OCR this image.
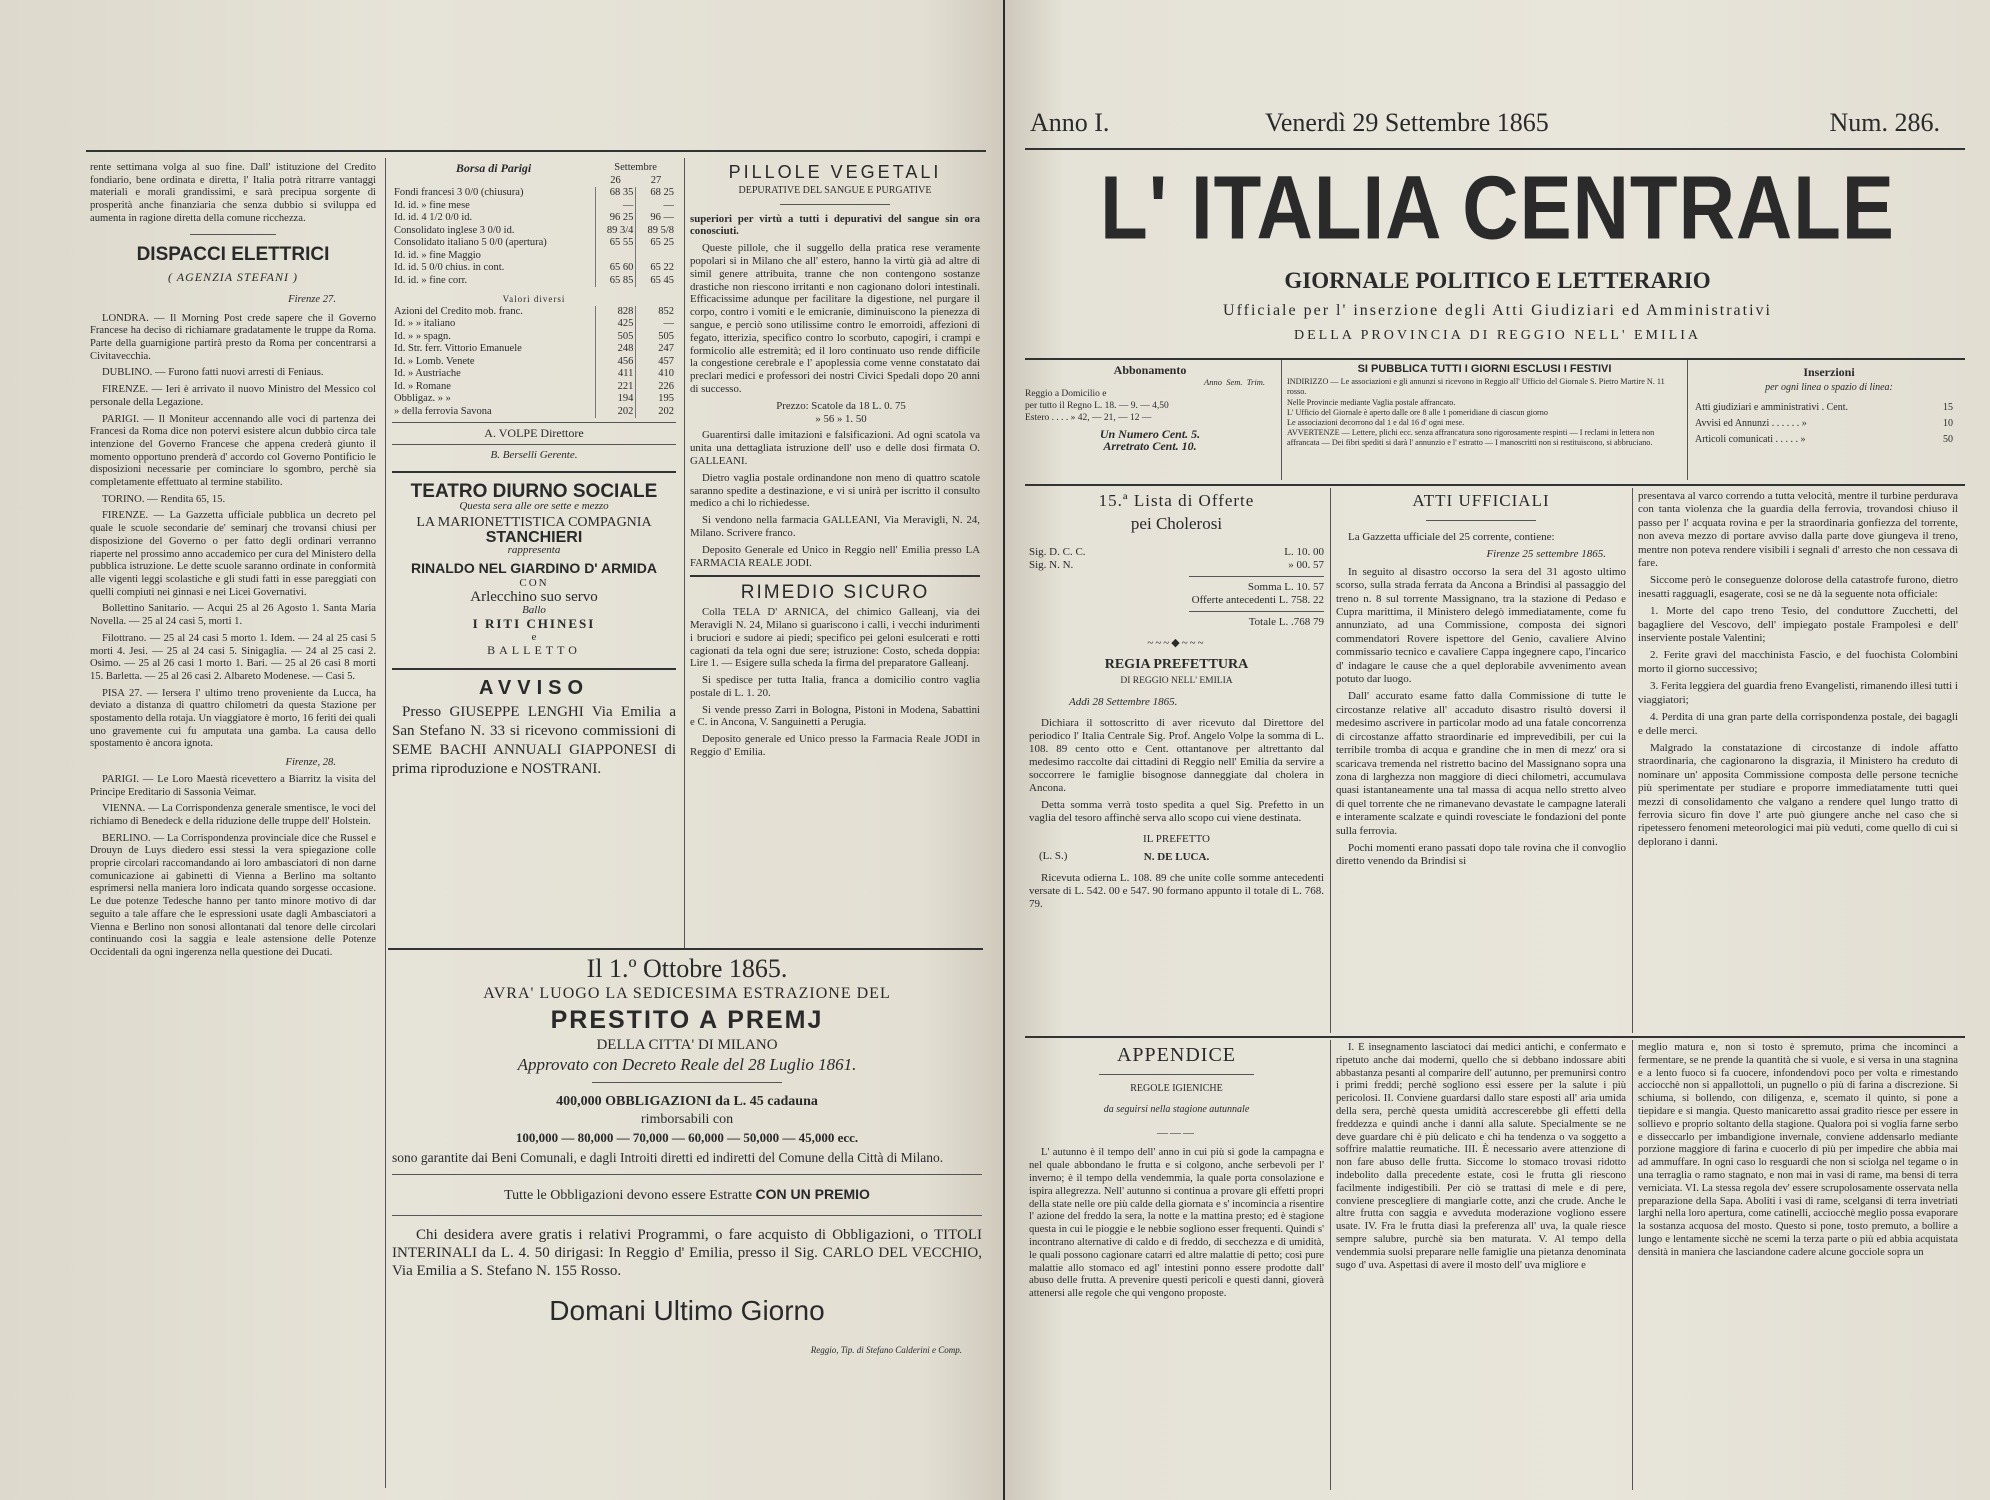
rente settimana volga al suo fine. Dall' istituzione del Credito fondiario, bene ordinata e diretta, l' Italia potrà ritrarre vantaggi materiali e morali grandissimi, e sarà precipua sorgente di prosperità anche finanziaria che senza dubbio si sviluppa ed aumenta in ragione diretta della comune ricchezza.

DISPACCI ELETTRICI
( AGENZIA STEFANI )
Firenze 27.

LONDRA. — Il Morning Post crede sapere che il Governo Francese ha deciso di richiamare gradatamente le truppe da Roma. Parte della guarnigione partirà presto da Roma per concentrarsi a Civitavecchia.

DUBLINO. — Furono fatti nuovi arresti di Feniaus.

FIRENZE. — Ieri è arrivato il nuovo Ministro del Messico col personale della Legazione.

PARIGI. — Il Moniteur accennando alle voci di partenza dei Francesi da Roma dice non potervi esistere alcun dubbio circa tale intenzione del Governo Francese che appena crederà giunto il momento opportuno prenderà d' accordo col Governo Pontificio le disposizioni necessarie per cominciare lo sgombro, perchè sia completamente effettuato al termine stabilito.

TORINO. — Rendita 65, 15.

FIRENZE. — La Gazzetta ufficiale pubblica un decreto pel quale le scuole secondarie de' seminarj che trovansi chiusi per disposizione del Governo o per fatto degli ordinari verranno riaperte nel prossimo anno accademico per cura del Ministero della pubblica istruzione. Le dette scuole saranno ordinate in conformità alle vigenti leggi scolastiche e gli studi fatti in esse pareggiati con quelli compiuti nei ginnasi e nei Licei Governativi.

Bollettino Sanitario. — Acqui 25 al 26 Agosto 1. Santa Maria Novella. — 25 al 24 casi 5, morti 1.

Filottrano. — 25 al 24 casi 5 morto 1. Idem. — 24 al 25 casi 5 morti 4. Jesi. — 25 al 24 casi 5. Sinigaglia. — 24 al 25 casi 2. Osimo. — 25 al 26 casi 1 morto 1. Bari. — 25 al 26 casi 8 morti 15. Barletta. — 25 al 26 casi 2. Albareto Modenese. — Casi 5.

PISA 27. — Iersera l' ultimo treno proveniente da Lucca, ha deviato a distanza di quattro chilometri da questa Stazione per spostamento della rotaja. Un viaggiatore è morto, 16 feriti dei quali uno gravemente cui fu amputata una gamba. La causa dello spostamento è ancora ignota.

Firenze, 28.

PARIGI. — Le Loro Maestà ricevettero a Biarritz la visita del Principe Ereditario di Sassonia Veimar.

VIENNA. — La Corrispondenza generale smentisce, le voci del richiamo di Benedeck e della riduzione delle truppe dell' Holstein.

BERLINO. — La Corrispondenza provinciale dice che Russel e Drouyn de Luys diedero essi stessi la vera spiegazione colle proprie circolari raccomandando ai loro ambasciatori di non darne comunicazione ai gabinetti di Vienna a Berlino ma soltanto esprimersi nella maniera loro indicata quando sorgesse occasione. Le due potenze Tedesche hanno per tanto minore motivo di dar seguito a tale affare che le espressioni usate dagli Ambasciatori a Vienna e Berlino non sonosi allontanati dal tenore delle circolari continuando così la saggia e leale astensione delle Potenze Occidentali da ogni ingerenza nella questione dei Ducati.

Borsa di Parigi	Settembre	
	26	27
Fondi francesi 3 0/0 (chiusura)	68 35	68 25
Id. id. » fine mese	—	—
Id. id. 4 1/2 0/0 id.	96 25	96 —
Consolidato inglese 3 0/0 id.	89 3/4	89 5/8
Consolidato italiano 5 0/0 (apertura)	65 55	65 25
Id. id. » fine Maggio		
Id. id. 5 0/0 chius. in cont.	65 60	65 22
Id. id. » fine corr.	65 85	65 45
Valori diversi		
Azioni del Credito mob. franc.	828	852
Id. » » italiano	425	—
Id. » » spagn.	505	505
Id. Str. ferr. Vittorio Emanuele	248	247
Id. » Lomb. Venete	456	457
Id. » Austriache	411	410
Id. » Romane	221	226
Obbligaz. » »	194	195
» della ferrovia Savona	202	202
A. VOLPE Direttore
B. Berselli Gerente.
TEATRO DIURNO SOCIALE
Questa sera alle ore sette e mezzo
LA MARIONETTISTICA COMPAGNIA
STANCHIERI
rappresenta
RINALDO NEL GIARDINO D' ARMIDA
CON
Arlecchino suo servo
Ballo
I RITI CHINESI
e
BALLETTO
AVVISO
Presso GIUSEPPE LENGHI Via Emilia a San Stefano N. 33 si ricevono commissioni di SEME BACHI ANNUALI GIAPPONESI di prima riproduzione e NOSTRANI.
PILLOLE VEGETALI
DEPURATIVE DEL SANGUE E PURGATIVE

superiori per virtù a tutti i depurativi del sangue sin ora conosciuti.

Queste pillole, che il suggello della pratica rese veramente popolari si in Milano che all' estero, hanno la virtù già ad altre di simil genere attribuita, tranne che non contengono sostanze drastiche non riescono irritanti e non cagionano dolori intestinali. Efficacissime adunque per facilitare la digestione, nel purgare il corpo, contro i vomiti e le emicranie, diminuiscono la pienezza di sangue, e perciò sono utilissime contro le emorroidi, affezioni di fegato, itterizia, specifico contro lo scorbuto, capogiri, i crampi e formicolio alle estremità; ed il loro continuato uso rende difficile la congestione cerebrale e l' apoplessia come venne constatato dai preclari medici e professori dei nostri Civici Spedali dopo 20 anni di successo.

Prezzo: Scatole da 18 L. 0. 75

» 56 » 1. 50

Guarentirsi dalle imitazioni e falsificazioni. Ad ogni scatola va unita una dettagliata istruzione dell' uso e delle dosi firmata O. GALLEANI.

Dietro vaglia postale ordinandone non meno di quattro scatole saranno spedite a destinazione, e vi si unirà per iscritto il consulto medico a chi lo richiedesse.

Si vendono nella farmacia GALLEANI, Via Meravigli, N. 24, Milano. Scrivere franco.

Deposito Generale ed Unico in Reggio nell' Emilia presso LA FARMACIA REALE JODI.

RIMEDIO SICURO

Colla TELA D' ARNICA, del chimico Galleanj, via dei Meravigli N. 24, Milano si guariscono i calli, i vecchi indurimenti i bruciori e sudore ai piedi; specifico pei geloni esulcerati e rotti cagionati da tela ogni due sere; istruzione: Costo, scheda doppia: Lire 1. — Esigere sulla scheda la firma del preparatore Galleanj.

Si spedisce per tutta Italia, franca a domicilio contro vaglia postale di L. 1. 20.

Si vende presso Zarri in Bologna, Pistoni in Modena, Sabattini e C. in Ancona, V. Sanguinetti a Perugia.

Deposito generale ed Unico presso la Farmacia Reale JODI in Reggio d' Emilia.

Il 1.º Ottobre 1865.
AVRA' LUOGO LA SEDICESIMA ESTRAZIONE DEL
PRESTITO A PREMJ
DELLA CITTA' DI MILANO
Approvato con Decreto Reale del 28 Luglio 1861.
400,000 OBBLIGAZIONI da L. 45 cadauna
rimborsabili con
100,000 — 80,000 — 70,000 — 60,000 — 50,000 — 45,000 ecc.
sono garantite dai Beni Comunali, e dagli Introiti diretti ed indiretti del Comune della Città di Milano.
Tutte le Obbligazioni devono essere Estratte CON UN PREMIO
Chi desidera avere gratis i relativi Programmi, o fare acquisto di Obbligazioni, o TITOLI INTERINALI da L. 4. 50 dirigasi: In Reggio d' Emilia, presso il Sig. CARLO DEL VECCHIO, Via Emilia a S. Stefano N. 155 Rosso.
Domani Ultimo Giorno
Reggio, Tip. di Stefano Calderini e Comp.
Anno I.	Venerdì 29 Settembre 1865	Num. 286.
L' ITALIA CENTRALE
GIORNALE POLITICO E LETTERARIO
Ufficiale per l' inserzione degli Atti Giudiziari ed Amministrativi
DELLA PROVINCIA DI REGGIO NELL' EMILIA
Abbonamento
Anno Sem. Trim.
Reggio a Domicilio e
per tutto il Regno L. 18. — 9. — 4,50
Estero . . . . » 42, — 21, — 12 —
Un Numero Cent. 5.
Arretrato Cent. 10.
SI PUBBLICA TUTTI I GIORNI ESCLUSI I FESTIVI
INDIRIZZO — Le associazioni e gli annunzi si ricevono in Reggio all' Ufficio del Giornale S. Pietro Martire N. 11 rosso.
Nelle Provincie mediante Vaglia postale affrancato.
L' Ufficio del Giornale è aperto dalle ore 8 alle 1 pomeridiane di ciascun giorno
Le associazioni decorrono dal 1 e dal 16 d' ogni mese.
AVVERTENZE — Lettere, plichi ecc. senza affrancatura sono rigorosamente respinti — I reclami in lettera non affrancata — Dei fibri spediti si darà l' annunzio e l' estratto — I manoscritti non si restituiscono, si abbruciano.
Inserzioni
per ogni linea o spazio di linea:
Atti giudiziari e amministrativi . Cent.	15
Avvisi ed Annunzi . . . . . . »	10
Articoli comunicati . . . . . »	50
15.ª Lista di Offerte
pei Cholerosi
Sig. D. C. C.	L. 10. 00
Sig. N. N.	» 00. 57
Somma L. 10. 57
Offerte antecedenti L. 758. 22
Totale L. .768 79
~~~◆~~~
REGIA PREFETTURA
DI REGGIO NELL' EMILIA
Addì 28 Settembre 1865.

Dichiara il sottoscritto di aver ricevuto dal Direttore del periodico l' Italia Centrale Sig. Prof. Angelo Volpe la somma di L. 108. 89 cento otto e Cent. ottantanove per altrettanto dal medesimo raccolte dai cittadini di Reggio nell' Emilia da servire a soccorrere le famiglie bisognose danneggiate dal cholera in Ancona.

Detta somma verrà tosto spedita a quel Sig. Prefetto in un vaglia del tesoro affinchè serva allo scopo cui viene destinata.

IL PREFETTO
(L. S.)	N. DE LUCA.

Ricevuta odierna L. 108. 89 che unite colle somme antecedenti versate di L. 542. 00 e 547. 90 formano appunto il totale di L. 768. 79.

ATTI UFFICIALI

La Gazzetta ufficiale del 25 corrente, contiene:

Firenze 25 settembre 1865.

In seguito al disastro occorso la sera del 31 agosto ultimo scorso, sulla strada ferrata da Ancona a Brindisi al passaggio del treno n. 8 sul torrente Massignano, tra la stazione di Pedaso e Cupra marittima, il Ministero delegò immediatamente, come fu annunziato, ad una Commissione, composta dei signori commendatori Rovere ispettore del Genio, cavaliere Alvino commissario tecnico e cavaliere Cappa ingegnere capo, l'incarico d' indagare le cause che a quel deplorabile avvenimento avean potuto dar luogo.

Dall' accurato esame fatto dalla Commissione di tutte le circostanze relative all' accaduto disastro risultò doversi il medesimo ascrivere in particolar modo ad una fatale concorrenza di circostanze affatto straordinarie ed imprevedibili, per cui la terribile tromba di acqua e grandine che in men di mezz' ora si scaricava tremenda nel ristretto bacino del Massignano sopra una zona di larghezza non maggiore di dieci chilometri, accumulava quasi istantaneamente una tal massa di acqua nello stretto alveo di quel torrente che ne rimanevano devastate le campagne laterali e interamente scalzate e quindi rovesciate le fondazioni del ponte sulla ferrovia.

Pochi momenti erano passati dopo tale rovina che il convoglio diretto venendo da Brindisi si

presentava al varco correndo a tutta velocità, mentre il turbine perdurava con tanta violenza che la guardia della ferrovia, trovandosi chiuso il passo per l' acquata rovina e per la straordinaria gonfiezza del torrente, non aveva mezzo di portare avviso dalla parte dove giungeva il treno, mentre non poteva rendere visibili i segnali d' arresto che non cessava di fare.

Siccome però le conseguenze dolorose della catastrofe furono, dietro inesatti ragguagli, esagerate, così se ne dà la seguente nota officiale:

1. Morte del capo treno Tesio, del conduttore Zucchetti, del bagagliere del Vescovo, dell' impiegato postale Frampolesi e dell' inserviente postale Valentini;

2. Ferite gravi del macchinista Fascio, e del fuochista Colombini morto il giorno successivo;

3. Ferita leggiera del guardia freno Evangelisti, rimanendo illesi tutti i viaggiatori;

4. Perdita di una gran parte della corrispondenza postale, dei bagagli e delle merci.

Malgrado la constatazione di circostanze di indole affatto straordinaria, che cagionarono la disgrazia, il Ministero ha creduto di nominare un' apposita Commissione composta delle persone tecniche più sperimentate per studiare e proporre immediatamente tutti quei mezzi di consolidamento che valgano a rendere quel lungo tratto di ferrovia sicuro fin dove l' arte può giungere anche nel caso che si ripetessero fenomeni meteorologici mai più veduti, come quello di cui si deplorano i danni.

APPENDICE
REGOLE IGIENICHE
da seguirsi nella stagione autunnale
———

L' autunno è il tempo dell' anno in cui più si gode la campagna e nel quale abbondano le frutta e si colgono, anche serbevoli per l' inverno; è il tempo della vendemmia, la quale porta consolazione e ispira allegrezza. Nell' autunno si continua a provare gli effetti propri della state nelle ore più calde della giornata e s' incomincia a risentire l' azione del freddo la sera, la notte e la mattina presto; ed è stagione questa in cui le pioggie e le nebbie sogliono esser frequenti. Quindi s' incontrano alternative di caldo e di freddo, di secchezza e di umidità, le quali possono cagionare catarri ed altre malattie di petto; così pure malattie allo stomaco ed agl' intestini ponno essere prodotte dall' abuso delle frutta. A prevenire questi pericoli e questi danni, gioverà attenersi alle regole che qui vengono proposte.

I. È insegnamento lasciatoci dai medici antichi, e confermato e ripetuto anche dai moderni, quello che si debbano indossare abiti abbastanza pesanti al comparire dell' autunno, per premunirsi contro i primi freddi; perchè sogliono essi essere per la salute i più pericolosi. II. Conviene guardarsi dallo stare esposti all' aria umida della sera, perchè questa umidità accrescerebbe gli effetti della freddezza e quindi anche i danni alla salute. Specialmente se ne deve guardare chi è più delicato e chi ha tendenza o va soggetto a soffrire malattie reumatiche. III. È necessario avere attenzione di non fare abuso delle frutta. Siccome lo stomaco trovasi ridotto indebolito dalla precedente estate, così le frutta gli riescono facilmente indigestibili. Per ciò se trattasi di mele e di pere, conviene prescegliere di mangiarle cotte, anzi che crude. Anche le altre frutta con saggia e avveduta moderazione vogliono essere usate. IV. Fra le frutta diasi la preferenza all' uva, la quale riesce sempre salubre, purchè sia ben maturata. V. Al tempo della vendemmia suolsi preparare nelle famiglie una pietanza denominata sugo d' uva. Aspettasi di avere il mosto dell' uva migliore e

meglio matura e, non sì tosto è spremuto, prima che incominci a fermentare, se ne prende la quantità che si vuole, e si versa in una stagnina e a lento fuoco si fa cuocere, infondendovi poco per volta e rimestando acciocchè non si appallottoli, un pugnello o più di farina a discrezione. Si schiuma, si bollendo, con diligenza, e, scemato il quinto, si pone a tiepidare e si mangia. Questo manicaretto assai gradito riesce per essere in sollievo e proprio soltanto della stagione. Qualora poi si voglia farne serbo e disseccarlo per imbandigione invernale, conviene addensarlo mediante porzione maggiore di farina e cuocerlo di più per impedire che abbia mai ad ammuffare. In ogni caso lo resguardi che non si sciolga nel tegame o in una terraglia o ramo stagnato, e non mai in vasi di rame, ma bensì di terra verniciata. VI. La stessa regola dev' essere scrupolosamente osservata nella preparazione della Sapa. Aboliti i vasi di rame, scelgansi di terra invetriati larghi nella loro apertura, come catinelli, acciocchè meglio possa evaporare la sostanza acquosa del mosto. Questo si pone, tosto premuto, a bollire a lungo e lentamente sicchè ne scemi la terza parte o più ed abbia acquistata densità in maniera che lasciandone cadere alcune gocciole sopra un
